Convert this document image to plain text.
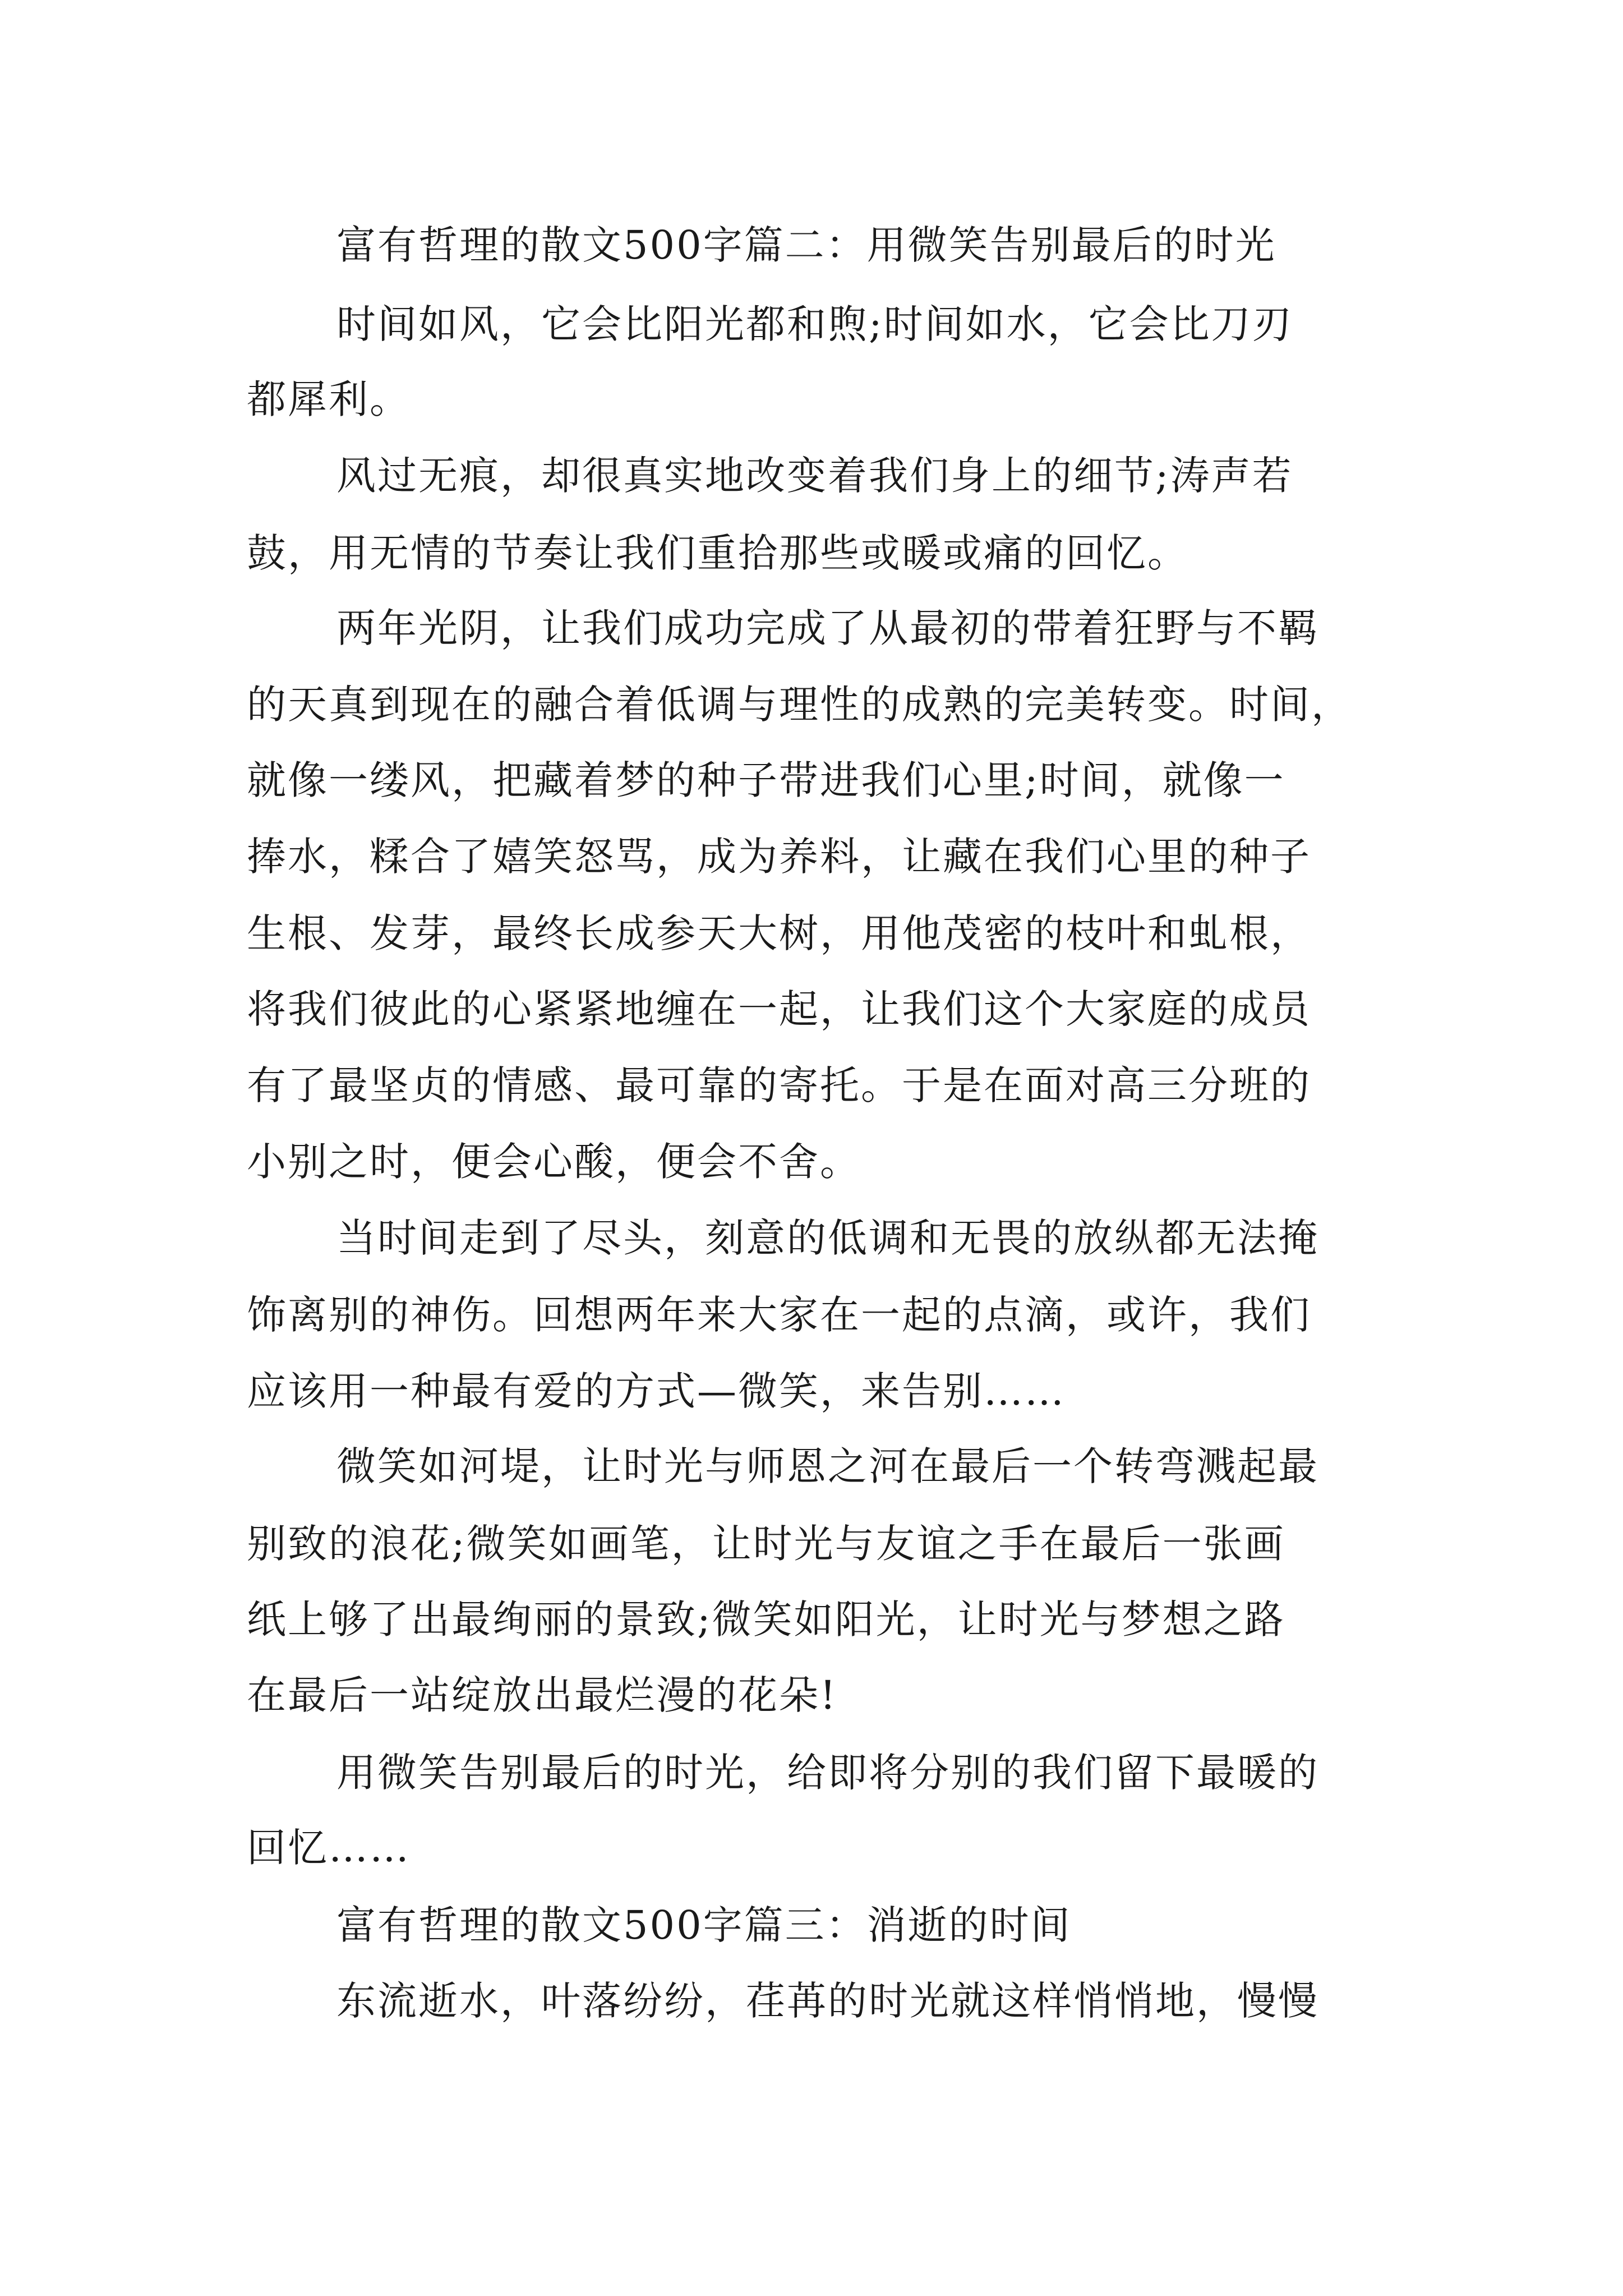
富有哲理的散文500字篇二：用微笑告别最后的时光
时间如风，它会比阳光都和煦;时间如水，它会比刀刃
都犀利。
风过无痕，却很真实地改变着我们身上的细节;涛声若
鼓，用无情的节奏让我们重拾那些或暖或痛的回忆。
两年光阴，让我们成功完成了从最初的带着狂野与不羁
的天真到现在的融合着低调与理性的成熟的完美转变。时间，
就像一缕风，把藏着梦的种子带进我们心里;时间，就像一
捧水，糅合了嬉笑怒骂，成为养料，让藏在我们心里的种子
生根、发芽，最终长成参天大树，用他茂密的枝叶和虬根，
将我们彼此的心紧紧地缠在一起，让我们这个大家庭的成员
有了最坚贞的情感、最可靠的寄托。于是在面对高三分班的
小别之时，便会心酸，便会不舍。
当时间走到了尽头，刻意的低调和无畏的放纵都无法掩
饰离别的神伤。回想两年来大家在一起的点滴，或许，我们
应该用一种最有爱的方式—微笑，来告别……
微笑如河堤，让时光与师恩之河在最后一个转弯溅起最
别致的浪花;微笑如画笔，让时光与友谊之手在最后一张画
纸上够了出最绚丽的景致;微笑如阳光，让时光与梦想之路
在最后一站绽放出最烂漫的花朵!
用微笑告别最后的时光，给即将分别的我们留下最暖的
回忆……
富有哲理的散文500字篇三：消逝的时间
东流逝水，叶落纷纷，荏苒的时光就这样悄悄地，慢慢
